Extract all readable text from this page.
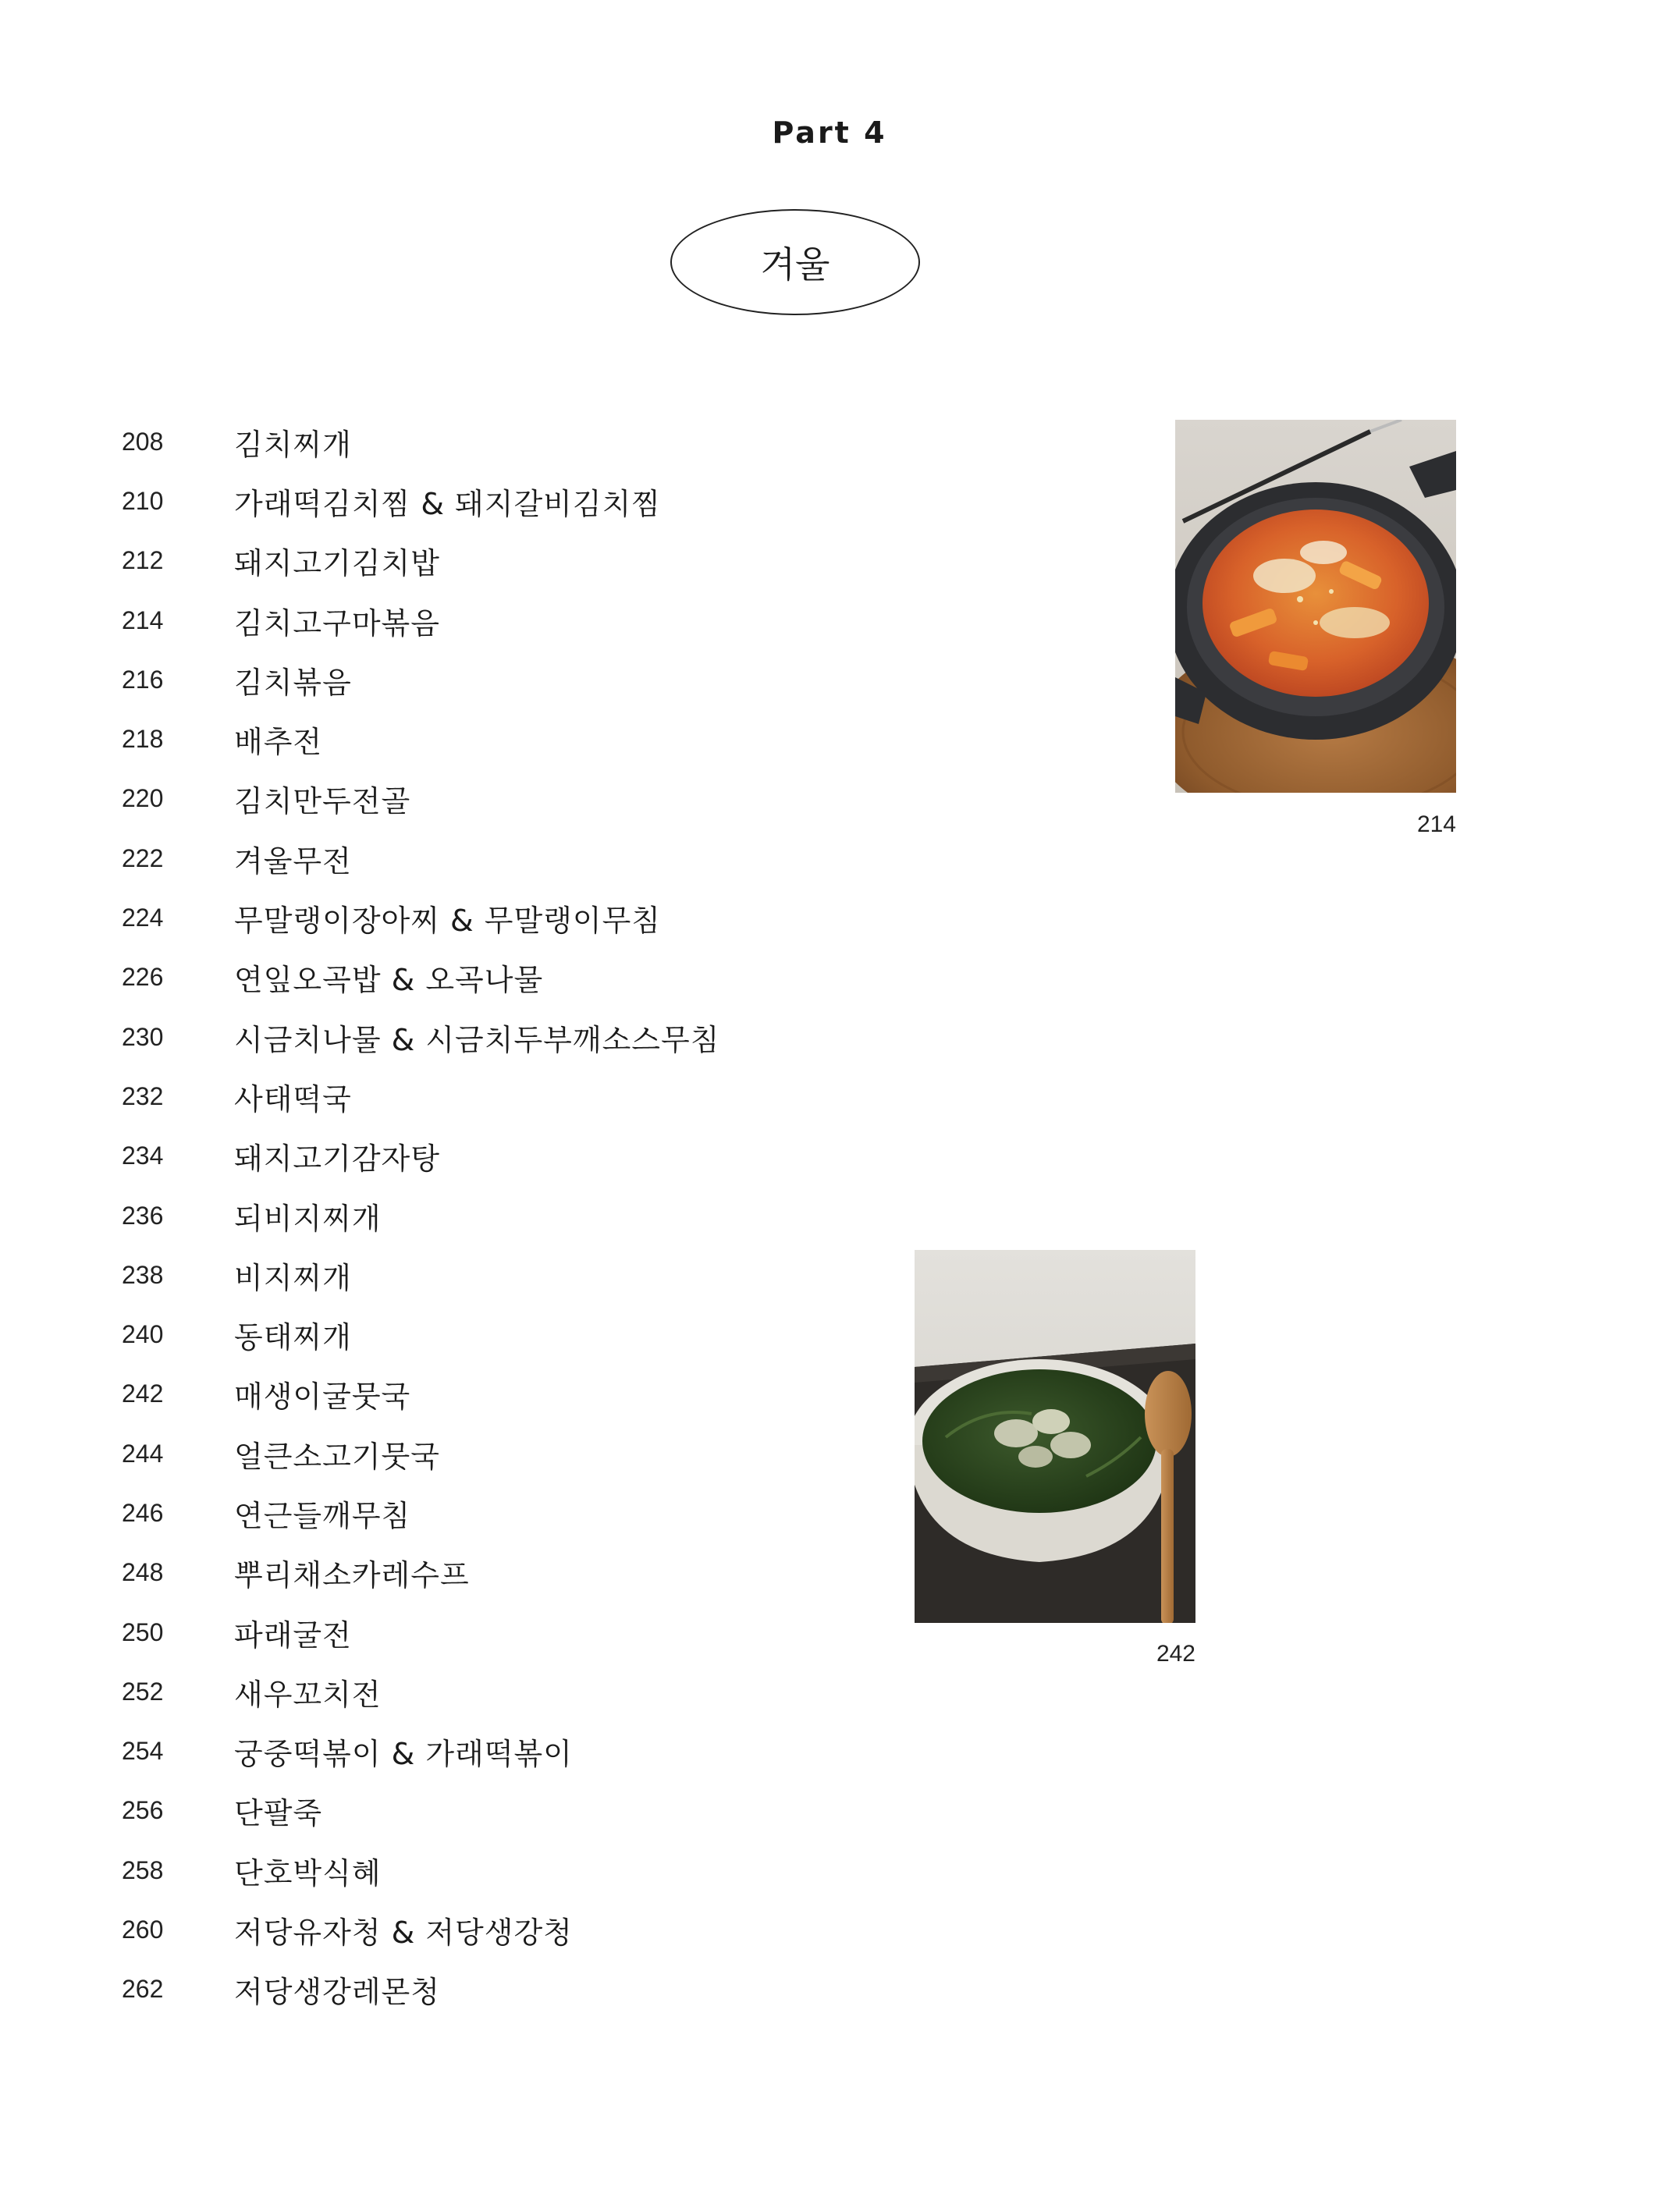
Part 4
겨울
208	김치찌개
210	가래떡김치찜 & 돼지갈비김치찜
212	돼지고기김치밥
214	김치고구마볶음
216	김치볶음
218	배추전
220	김치만두전골
222	겨울무전
224	무말랭이장아찌 & 무말랭이무침
226	연잎오곡밥 & 오곡나물
230	시금치나물 & 시금치두부깨소스무침
232	사태떡국
234	돼지고기감자탕
236	되비지찌개
238	비지찌개
240	동태찌개
242	매생이굴뭇국
244	얼큰소고기뭇국
246	연근들깨무침
248	뿌리채소카레수프
250	파래굴전
252	새우꼬치전
254	궁중떡볶이 & 가래떡볶이
256	단팔죽
258	단호박식혜
260	저당유자청 & 저당생강청
262	저당생강레몬청
214
242
